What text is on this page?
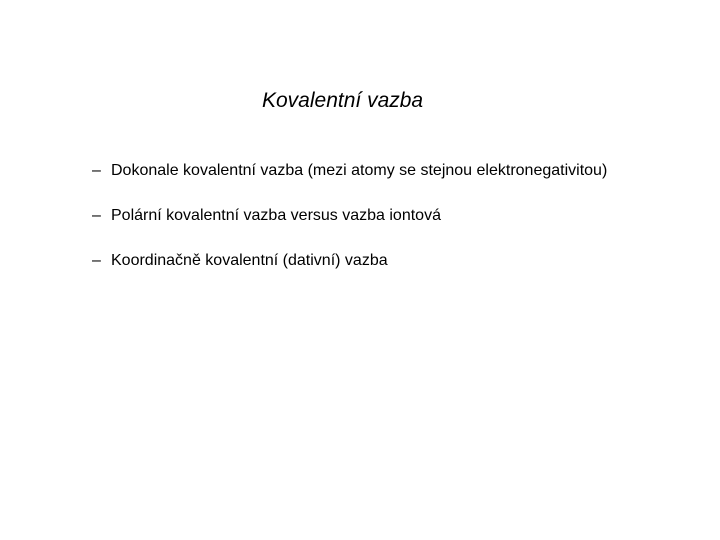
Kovalentní vazba
– Dokonale kovalentní vazba (mezi atomy se stejnou elektronegativitou)
– Polární kovalentní vazba versus vazba iontová
– Koordinačně kovalentní (dativní) vazba
